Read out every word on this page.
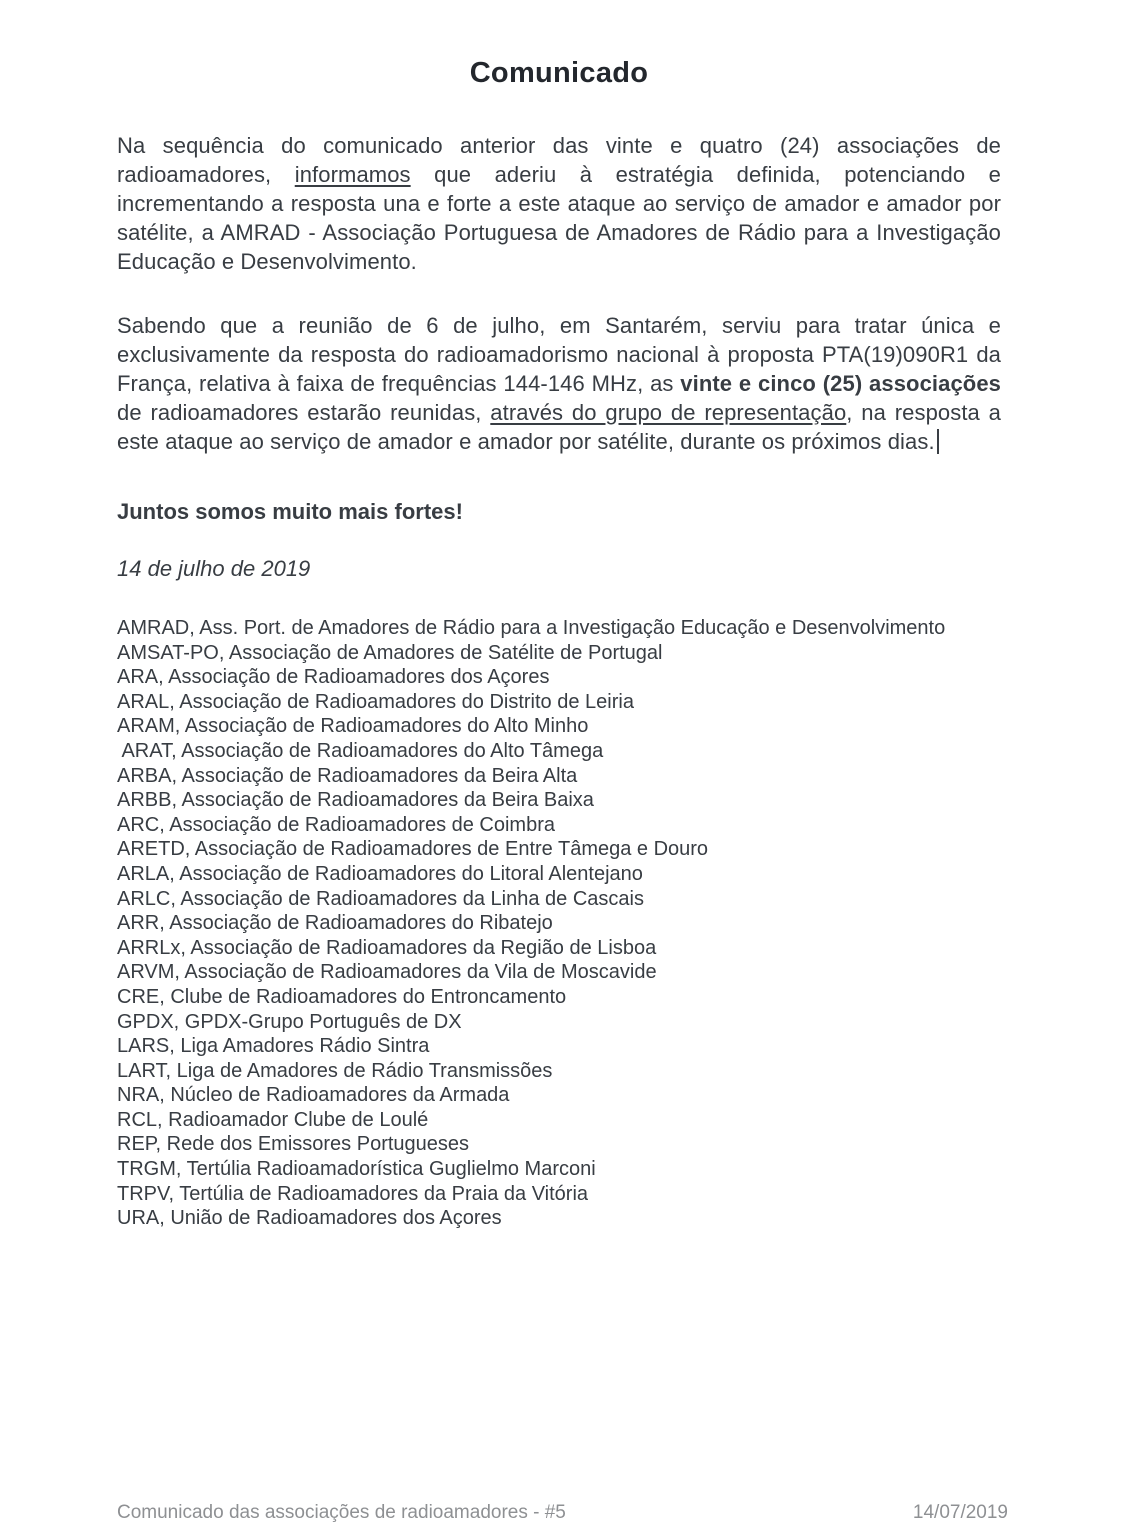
Comunicado

Na sequência do comunicado anterior das vinte e quatro (24) associações de radioamadores, informamos que aderiu à estratégia definida, potenciando e incrementando a resposta una e forte a este ataque ao serviço de amador e amador por satélite, a AMRAD - Associação Portuguesa de Amadores de Rádio para a Investigação Educação e Desenvolvimento.

Sabendo que a reunião de 6 de julho, em Santarém, serviu para tratar única e exclusivamente da resposta do radioamadorismo nacional à proposta PTA(19)090R1 da França, relativa à faixa de frequências 144-146 MHz, as vinte e cinco (25) associações de radioamadores estarão reunidas, através do grupo de representação, na resposta a este ataque ao serviço de amador e amador por satélite, durante os próximos dias.

Juntos somos muito mais fortes!

14 de julho de 2019

AMRAD, Ass. Port. de Amadores de Rádio para a Investigação Educação e Desenvolvimento
AMSAT-PO, Associação de Amadores de Satélite de Portugal
ARA, Associação de Radioamadores dos Açores
ARAL, Associação de Radioamadores do Distrito de Leiria
ARAM, Associação de Radioamadores do Alto Minho
ARAT, Associação de Radioamadores do Alto Tâmega
ARBA, Associação de Radioamadores da Beira Alta
ARBB, Associação de Radioamadores da Beira Baixa
ARC, Associação de Radioamadores de Coimbra
ARETD, Associação de Radioamadores de Entre Tâmega e Douro
ARLA, Associação de Radioamadores do Litoral Alentejano
ARLC, Associação de Radioamadores da Linha de Cascais
ARR, Associação de Radioamadores do Ribatejo
ARRLx, Associação de Radioamadores da Região de Lisboa
ARVM, Associação de Radioamadores da Vila de Moscavide
CRE, Clube de Radioamadores do Entroncamento
GPDX, GPDX-Grupo Português de DX
LARS, Liga Amadores Rádio Sintra
LART, Liga de Amadores de Rádio Transmissões
NRA, Núcleo de Radioamadores da Armada
RCL, Radioamador Clube de Loulé
REP, Rede dos Emissores Portugueses
TRGM, Tertúlia Radioamadorística Guglielmo Marconi
TRPV, Tertúlia de Radioamadores da Praia da Vitória
URA, União de Radioamadores dos Açores
Comunicado das associações de radioamadores - #5	14/07/2019
